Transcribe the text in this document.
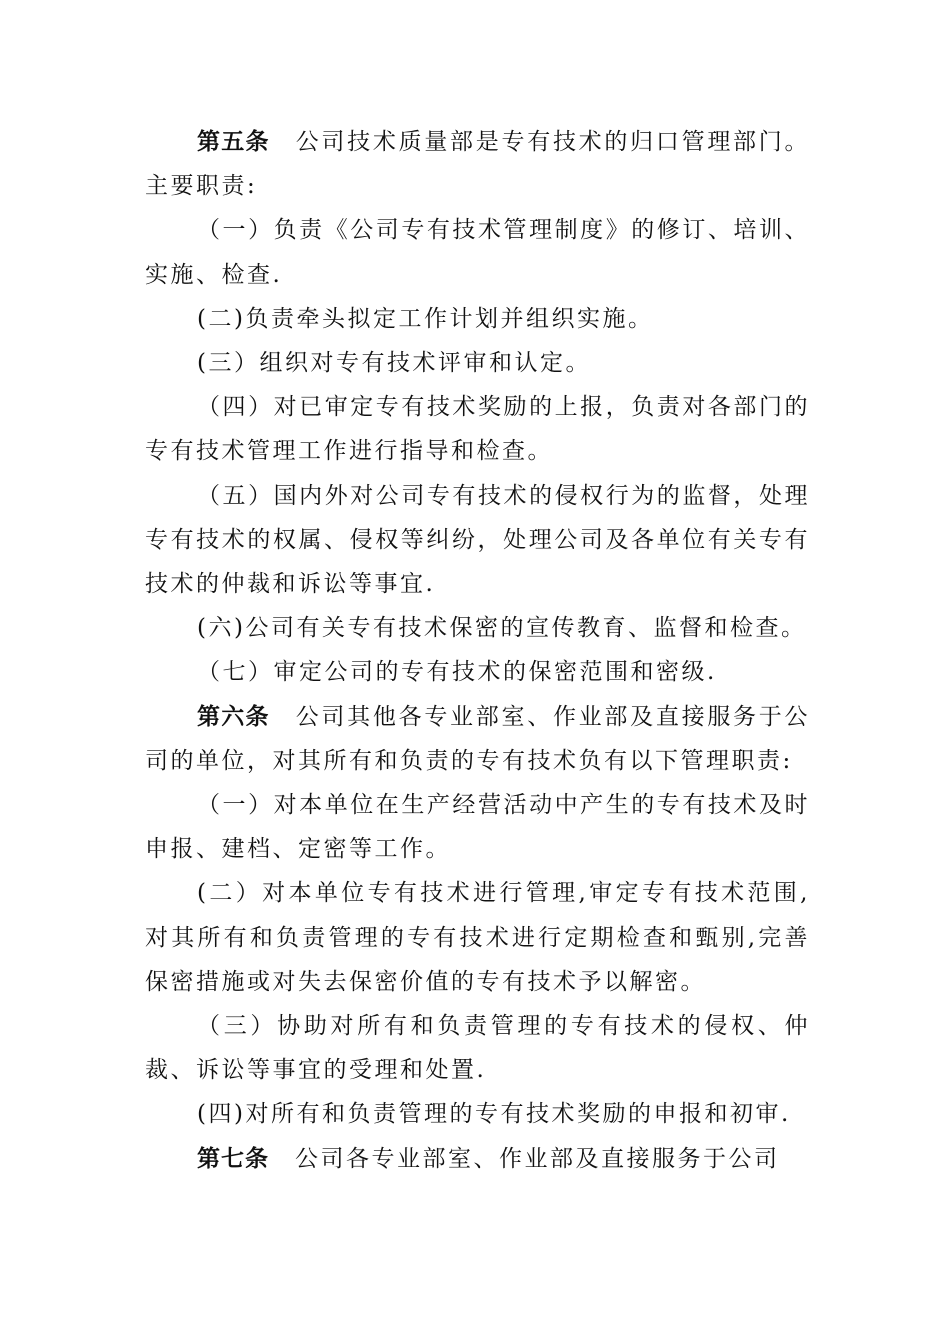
第五条 公司技术质量部是专有技术的归口管理部门。主要职责:

（一）负责《公司专有技术管理制度》的修订、培训、实施、检查.

(二)负责牵头拟定工作计划并组织实施。

(三）组织对专有技术评审和认定。

（四）对已审定专有技术奖励的上报，负责对各部门的专有技术管理工作进行指导和检查。

（五）国内外对公司专有技术的侵权行为的监督，处理专有技术的权属、侵权等纠纷，处理公司及各单位有关专有技术的仲裁和诉讼等事宜.

(六)公司有关专有技术保密的宣传教育、监督和检查。

（七）审定公司的专有技术的保密范围和密级.

第六条 公司其他各专业部室、作业部及直接服务于公司的单位，对其所有和负责的专有技术负有以下管理职责:

（一）对本单位在生产经营活动中产生的专有技术及时申报、建档、定密等工作。

(二）对本单位专有技术进行管理,审定专有技术范围,对其所有和负责管理的专有技术进行定期检查和甄别,完善保密措施或对失去保密价值的专有技术予以解密。

（三）协助对所有和负责管理的专有技术的侵权、仲裁、诉讼等事宜的受理和处置.

(四)对所有和负责管理的专有技术奖励的申报和初审.

第七条 公司各专业部室、作业部及直接服务于公司
